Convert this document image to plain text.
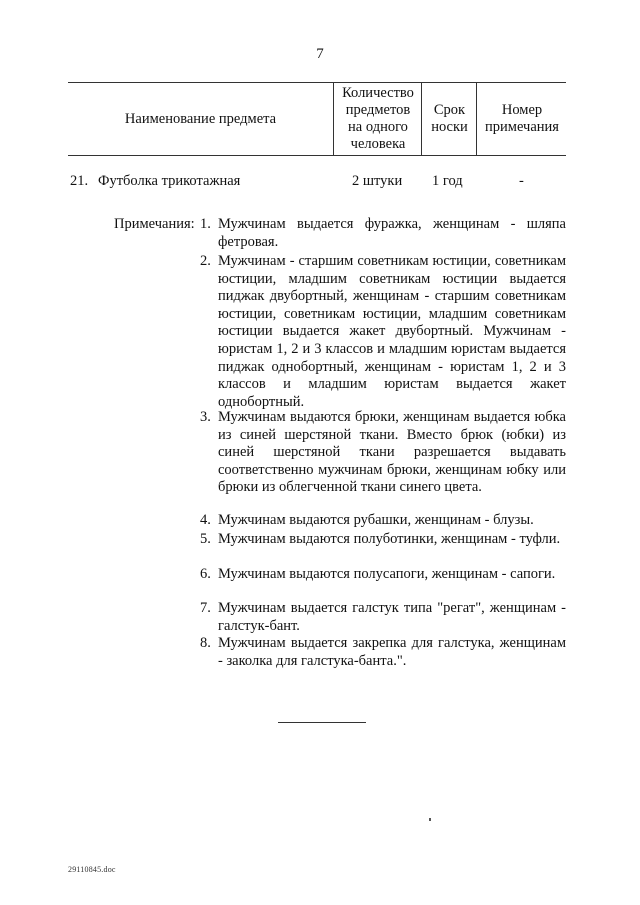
7
Наименование предмета
Количество
предметов
на одного
человека
Срок
носки
Номер
примечания
21. Футболка трикотажная	2 штуки 1 год	-
Примечания: 1. Мужчинам выдается фуражка, женщинам - шляпа фетровая.
2. Мужчинам - старшим советникам юстиции, советникам юстиции, младшим советникам юстиции выдается пиджак двубортный, женщинам - старшим советникам юстиции, советникам юстиции, младшим советникам юстиции выдается жакет двубортный. Мужчинам - юристам 1, 2 и 3 классов и младшим юристам выдается пиджак однобортный, женщинам - юристам 1, 2 и 3 классов и младшим юристам выдается жакет однобортный.
3. Мужчинам выдаются брюки, женщинам выдается юбка из синей шерстяной ткани. Вместо брюк (юбки) из синей шерстяной ткани разрешается выдавать соответственно мужчинам брюки, женщинам юбку или брюки из облегченной ткани синего цвета.
4. Мужчинам выдаются рубашки, женщинам - блузы.
5. Мужчинам выдаются полуботинки, женщинам - туфли.
6. Мужчинам выдаются полусапоги, женщинам - сапоги.
7. Мужчинам выдается галстук типа "регат", женщинам - галстук-бант.
8. Мужчинам выдается закрепка для галстука, женщинам - заколка для галстука-банта.".
29110845.doc
